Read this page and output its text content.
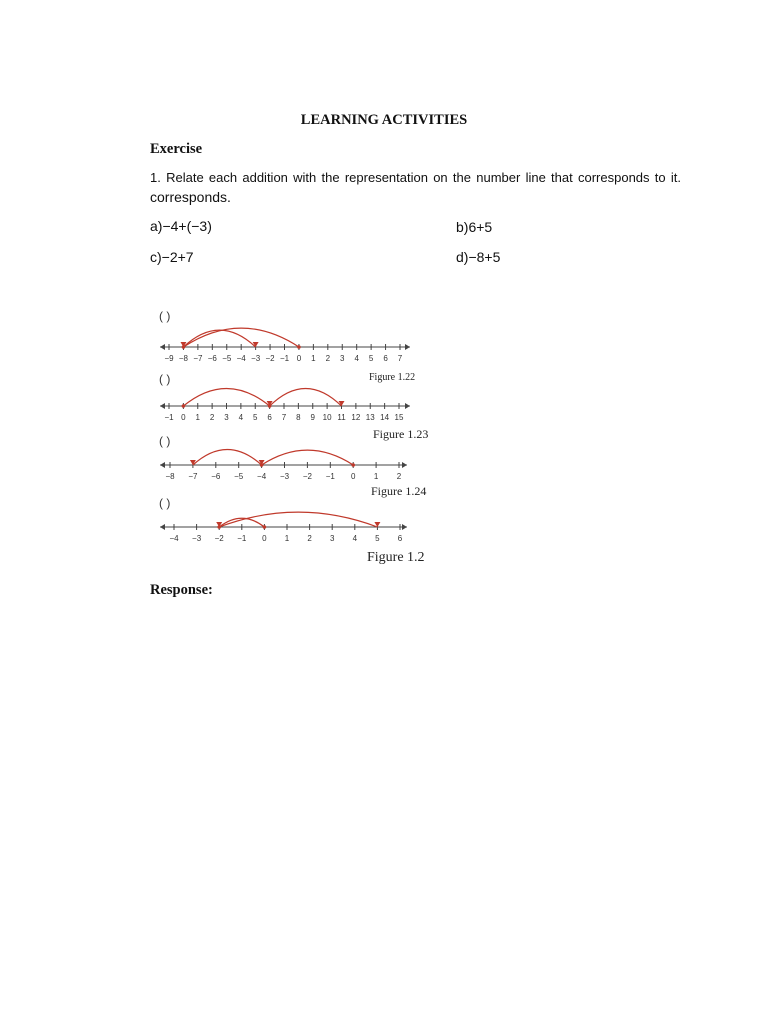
LEARNING ACTIVITIES
Exercise
1. Relate each addition with the representation on the number line that corresponds to it.
corresponds.
a)−4+(−3)	b)6+5
c)−2+7	d)−8+5
( )
−9 −8 −7 −6 −5 −4 −3 −2 −1 0 1 2 3 4 5 6 7
Figure 1.22
( )
−1 0 1 2 3 4 5 6 7 8 9 10 11 12 13 14 15
Figure 1.23
( )
−8 −7 −6 −5 −4 −3 −2 −1 0 1 2
Figure 1.24
( )
−4 −3 −2 −1 0 1 2 3 4 5 6
Figure 1.2
Response:
